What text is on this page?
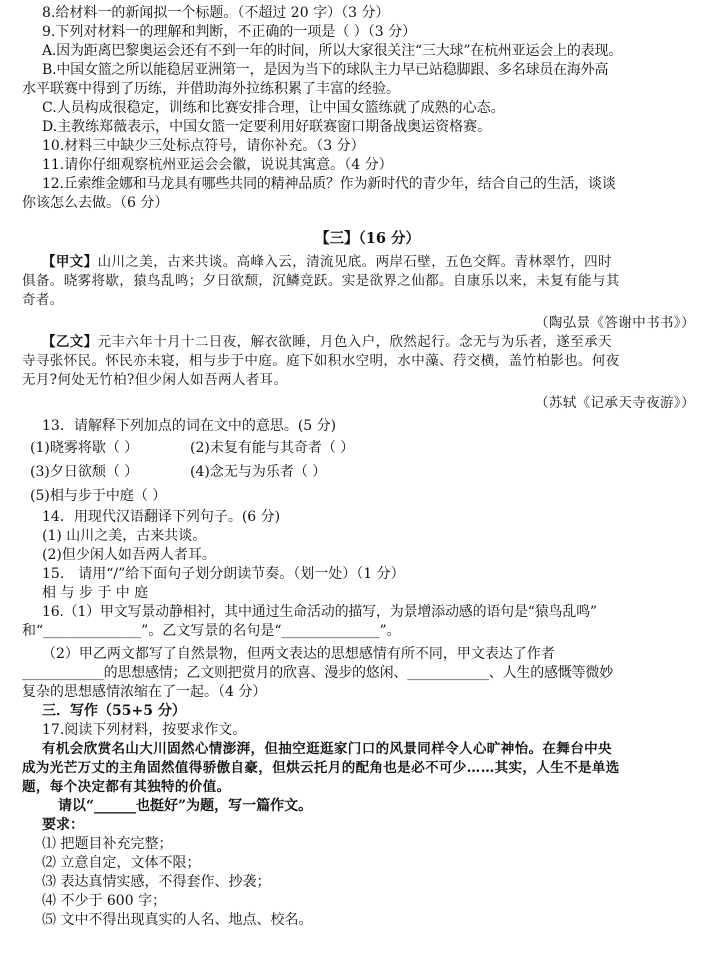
8.给材料一的新闻拟一个标题。（不超过 20 字）（3 分）
9.下列对材料一的理解和判断，不正确的一项是（ ）（3 分）
A.因为距离巴黎奥运会还有不到一年的时间，所以大家很关注“三大球”在杭州亚运会上的表现。
B.中国女篮之所以能稳居亚洲第一，是因为当下的球队主力早已站稳脚跟、多名球员在海外高
水平联赛中得到了历练，并借助海外拉练积累了丰富的经验。
C.人员构成很稳定，训练和比赛安排合理，让中国女篮练就了成熟的心态。
D.主教练郑薇表示，中国女篮一定要利用好联赛窗口期备战奥运资格赛。
10.材料三中缺少三处标点符号，请你补充。（3 分）
11.请你仔细观察杭州亚运会会徽，说说其寓意。（4 分）
12.丘索维金娜和马龙具有哪些共同的精神品质？作为新时代的青少年，结合自己的生活，谈谈
你该怎么去做。（6 分）
【三】（16 分）
【甲文】山川之美，古来共谈。高峰入云，清流见底。两岸石壁，五色交辉。青林翠竹，四时
俱备。晓雾将歇，猿鸟乱鸣；夕日欲颓，沉鳞竞跃。实是欲界之仙都。自康乐以来，未复有能与其
奇者。
（陶弘景《答谢中书书》）
【乙文】元丰六年十月十二日夜，解衣欲睡，月色入户，欣然起行。念无与为乐者，遂至承天
寺寻张怀民。怀民亦未寝，相与步于中庭。庭下如积水空明，水中藻、荇交横，盖竹柏影也。何夜
无月?何处无竹柏?但少闲人如吾两人者耳。
（苏轼《记承天寺夜游》）
13．请解释下列加点的词在文中的意思。(5 分)
(1)晓雾将歇（ ）	(2)未复有能与其奇者（ ）
(3)夕日欲颓（ ）	(4)念无与为乐者（ ）
(5)相与步于中庭（ ）
14．用现代汉语翻译下列句子。(6 分)
(1) 山川之美，古来共谈。
(2)但少闲人如吾两人者耳。
15． 请用“/”给下面句子划分朗读节奏。（划一处）（1 分）
相 与 步 于 中 庭
16.（1）甲文写景动静相衬，其中通过生命活动的描写，为景增添动感的语句是“猿鸟乱鸣”
和“______________”。乙文写景的名句是“______________”。
（2）甲乙两文都写了自然景物，但两文表达的思想感情有所不同，甲文表达了作者
____________的思想感情；乙文则把赏月的欣喜、漫步的悠闲、____________、人生的感慨等微妙
复杂的思想感情浓缩在了一起。（4 分）
三．写作（55+5 分）
17.阅读下列材料，按要求作文。
有机会欣赏名山大川固然心情澎湃，但抽空逛逛家门口的风景同样令人心旷神怡。在舞台中央
成为光芒万丈的主角固然值得骄傲自豪，但烘云托月的配角也是必不可少……其实，人生不是单选
题，每个决定都有其独特的价值。
请以“______也挺好”为题，写一篇作文。
要求：
⑴ 把题目补充完整；
⑵ 立意自定，文体不限；
⑶ 表达真情实感，不得套作、抄袭；
⑷ 不少于 600 字；
⑸ 文中不得出现真实的人名、地点、校名。
